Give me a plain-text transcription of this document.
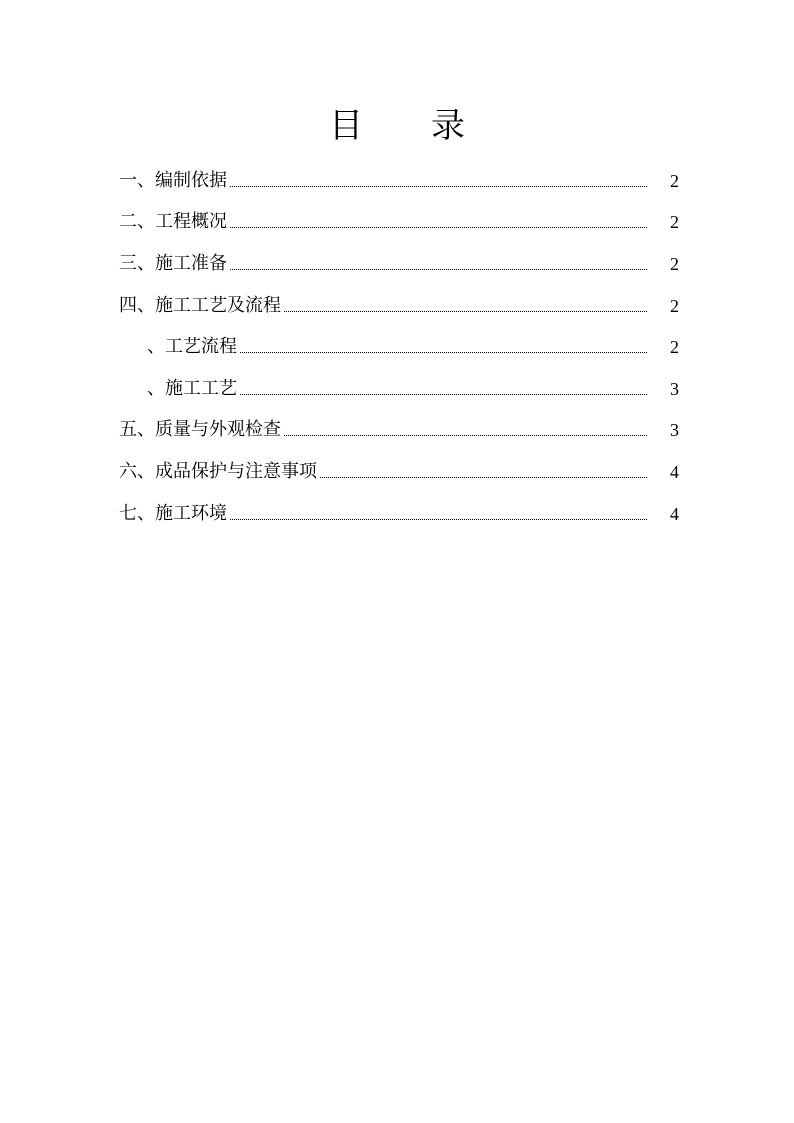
目 录
一、 编制依据	2
二、 工程概况	2
三、 施工准备	2
四、 施工工艺及流程	2
、 工艺流程	2
、 施工工艺	3
五、 质量与外观检查	3
六、 成品保护与注意事项	4
七、 施工环境	4
